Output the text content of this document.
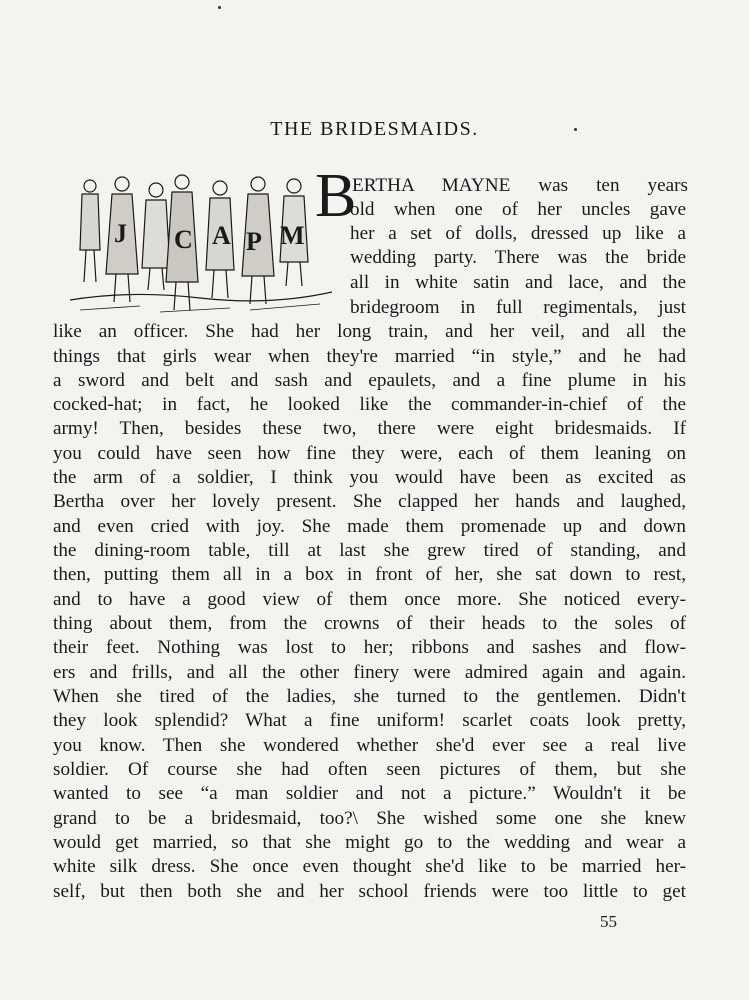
THE BRIDESMAIDS.
J C A P M
B
ERTHA MAYNE was ten years
old when one of her uncles gave
her a set of dolls, dressed up like a
wedding party. There was the bride
all in white satin and lace, and the
bridegroom in full regimentals, just
like an officer. She had her long train, and her veil, and all the
things that girls wear when they're married “in style,” and he had
a sword and belt and sash and epaulets, and a fine plume in his
cocked-hat; in fact, he looked like the commander-in-chief of the
army! Then, besides these two, there were eight bridesmaids. If
you could have seen how fine they were, each of them leaning on
the arm of a soldier, I think you would have been as excited as
Bertha over her lovely present. She clapped her hands and laughed,
and even cried with joy. She made them promenade up and down
the dining-room table, till at last she grew tired of standing, and
then, putting them all in a box in front of her, she sat down to rest,
and to have a good view of them once more. She noticed every-
thing about them, from the crowns of their heads to the soles of
their feet. Nothing was lost to her; ribbons and sashes and flow-
ers and frills, and all the other finery were admired again and again.
When she tired of the ladies, she turned to the gentlemen. Didn't
they look splendid? What a fine uniform! scarlet coats look pretty,
you know. Then she wondered whether she'd ever see a real live
soldier. Of course she had often seen pictures of them, but she
wanted to see “a man soldier and not a picture.” Wouldn't it be
grand to be a bridesmaid, too?\ She wished some one she knew
would get married, so that she might go to the wedding and wear a
white silk dress. She once even thought she'd like to be married her-
self, but then both she and her school friends were too little to get
55
